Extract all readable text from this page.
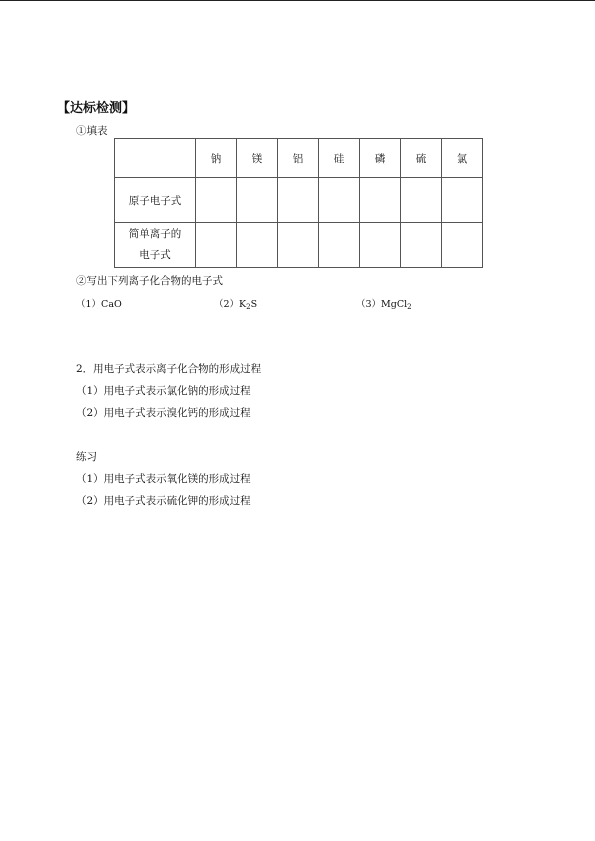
【达标检测】
①填表
	钠	镁	铝	硅	磷	硫	氯
原子电子式							

简单离子的
电子式							

②写出下列离子化合物的电子式
（1）CaO	$(2)K_2S$	（3）MgCl$_2$
2．用电子式表示离子化合物的形成过程
（1）用电子式表示氯化钠的形成过程
（2）用电子式表示溴化钙的形成过程
练习
（1）用电子式表示氧化镁的形成过程
（2）用电子式表示硫化钾的形成过程
